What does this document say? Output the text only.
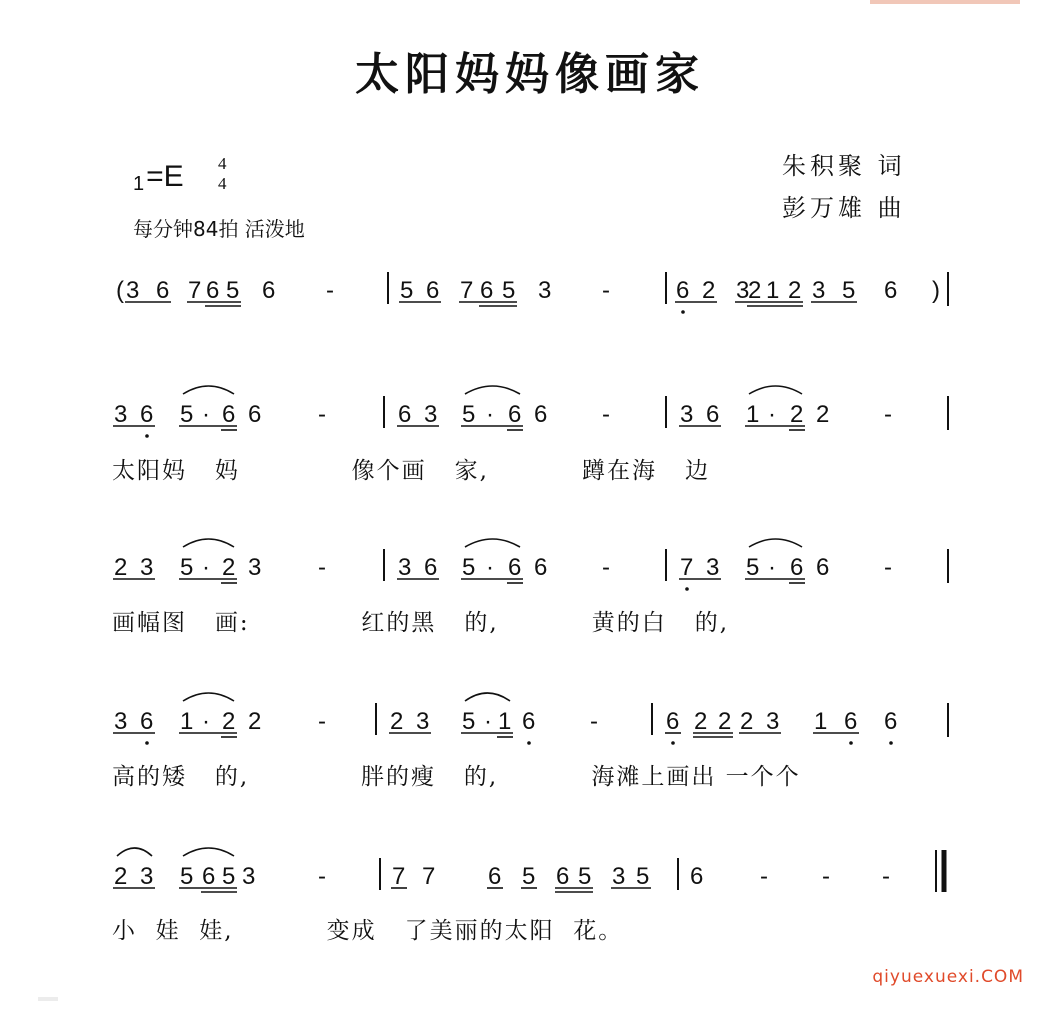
太阳妈妈像画家
1=E 4
4
每分钟84拍 活泼地
朱积聚 词
彭万雄 曲
( 3 6 7 6 5 6 -	5 6 7 6 5 3 -	6 2 3
2 1 2 3 5 6 )
3 6 5 · 6 6 -	6 3 5 · 6 6 -	3 6 1 · 2 2 -
2 3 5 · 2 3 -	3 6 5 · 6 6 -	7 3 5 · 6 6 -
3 6 1 · 2 2 -	2 3 5 · 1 6 -	6 2 2 2 3 1 6 6
2 3 5 6 5 3	-	7 7 6 5 6 5 3 5 6 - - -
太阳妈   妈            像个画   家,          蹲在海   边
画幅图   画:            红的黑   的,          黄的白   的,
高的矮   的,            胖的瘦   的,          海滩上画出 一个个
小  娃  娃,          变成   了美丽的太阳  花。
qiyuexuexi.COM
